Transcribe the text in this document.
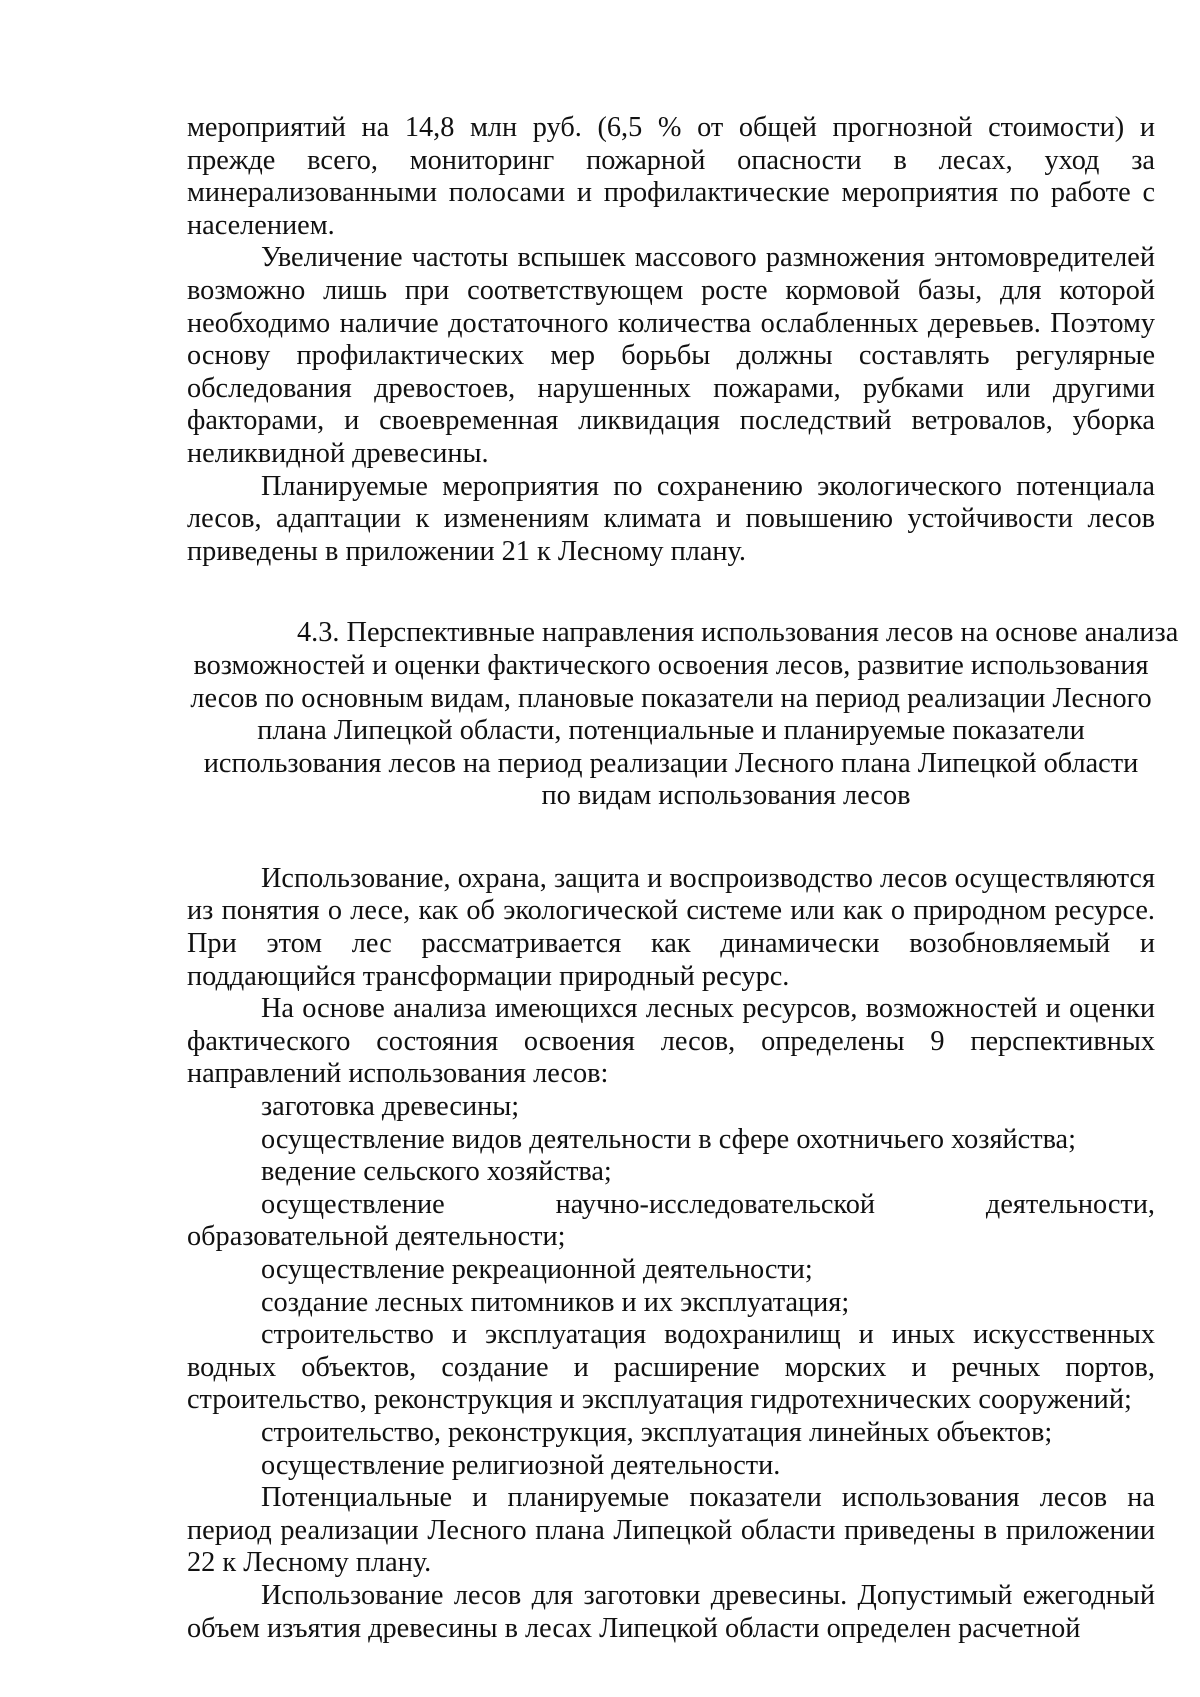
мероприятий на 14,8 млн руб. (6,5 % от общей прогнозной стоимости) и прежде всего, мониторинг пожарной опасности в лесах, уход за минерализованными полосами и профилактические мероприятия по работе с населением.

Увеличение частоты вспышек массового размножения энтомовредителей возможно лишь при соответствующем росте кормовой базы, для которой необходимо наличие достаточного количества ослабленных деревьев. Поэтому основу профилактических мер борьбы должны составлять регулярные обследования древостоев, нарушенных пожарами, рубками или другими факторами, и своевременная ликвидация последствий ветровалов, уборка неликвидной древесины.

Планируемые мероприятия по сохранению экологического потенциала лесов, адаптации к изменениям климата и повышению устойчивости лесов приведены в приложении 21 к Лесному плану.

4.3. Перспективные направления использования лесов на основе анализа
возможностей и оценки фактического освоения лесов, развитие использования
лесов по основным видам, плановые показатели на период реализации Лесного
плана Липецкой области, потенциальные и планируемые показатели
использования лесов на период реализации Лесного плана Липецкой области
по видам использования лесов

Использование, охрана, защита и воспроизводство лесов осуществляются из понятия о лесе, как об экологической системе или как о природном ресурсе. При этом лес рассматривается как динамически возобновляемый и поддающийся трансформации природный ресурс.

На основе анализа имеющихся лесных ресурсов, возможностей и оценки фактического состояния освоения лесов, определены 9 перспективных направлений использования лесов:

заготовка древесины;

осуществление видов деятельности в сфере охотничьего хозяйства;

ведение сельского хозяйства;

осуществление научно-исследовательской деятельности, образовательной деятельности;

осуществление рекреационной деятельности;

создание лесных питомников и их эксплуатация;

строительство и эксплуатация водохранилищ и иных искусственных водных объектов, создание и расширение морских и речных портов, строительство, реконструкция и эксплуатация гидротехнических сооружений;

строительство, реконструкция, эксплуатация линейных объектов;

осуществление религиозной деятельности.

Потенциальные и планируемые показатели использования лесов на период реализации Лесного плана Липецкой области приведены в приложении 22 к Лесному плану.

Использование лесов для заготовки древесины. Допустимый ежегодный объем изъятия древесины в лесах Липецкой области определен расчетной
